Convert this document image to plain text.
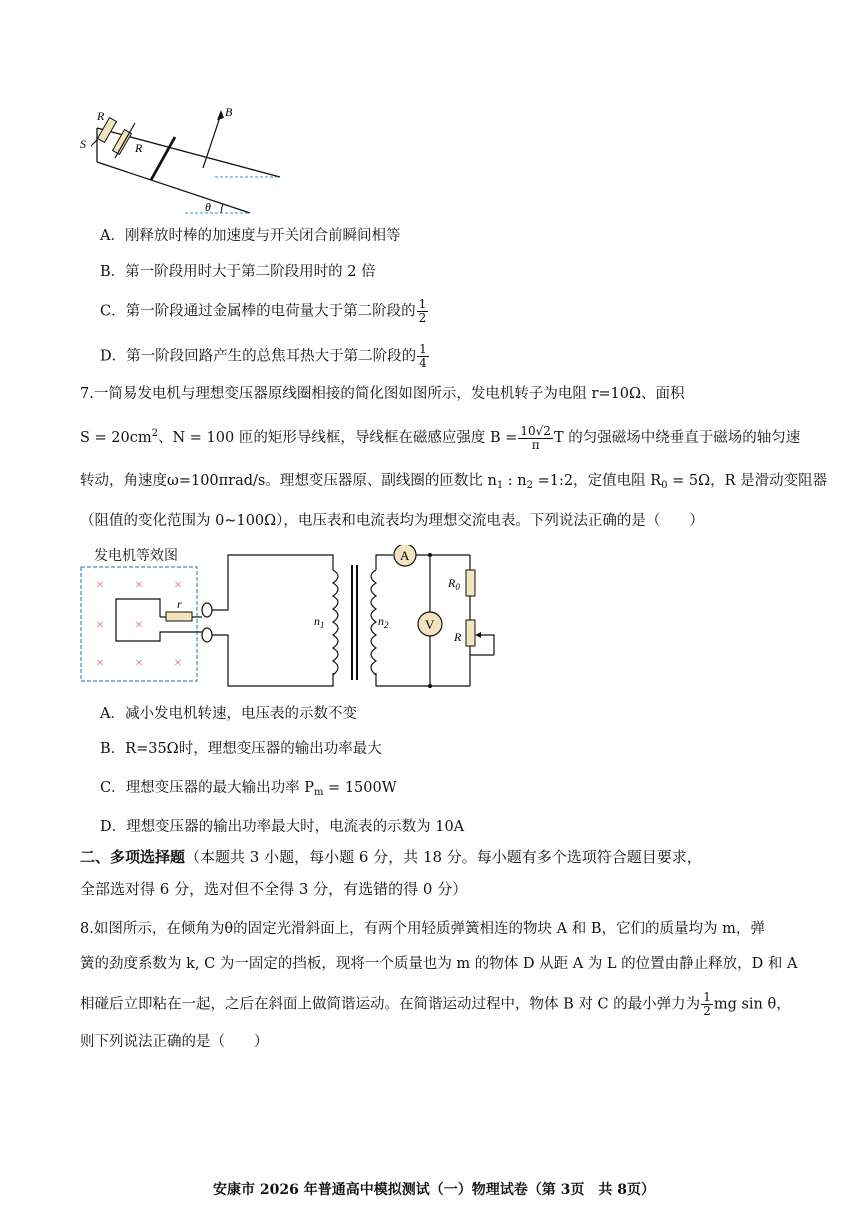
R
R
S
B
θ
A．刚释放时棒的加速度与开关闭合前瞬间相等
B．第一阶段用时大于第二阶段用时的 2 倍
C．第一阶段通过金属棒的电荷量大于第二阶段的 $\frac{1}{2}$
D．第一阶段回路产生的总焦耳热大于第二阶段的 $\frac{1}{4}$
7.一简易发电机与理想变压器原线圈相接的简化图如图所示，发电机转子为电阻 r=10Ω、面积
$S = 20cm^2$、N = 100 匝的矩形导线框，导线框在磁感应强度 $B = \frac{10√2}{\pi}$ T 的匀强磁场中绕垂直于磁场的轴匀速
转动，角速度ω=100πrad/s。理想变压器原、副线圈的匝数比 $n_1$ : $n_2$ =1:2，定值电阻 $R_0 = 5\Omega$，R 是滑动变阻器
（阻值的变化范围为 0~100Ω），电压表和电流表均为理想交流电表。下列说法正确的是（　　）
发电机等效图
× × ×
× ×
× × ×
r
A
V
$R_0$
R
$n_1$	$n_2$
A．减小发电机转速，电压表的示数不变
B．R=35Ω时，理想变压器的输出功率最大
C．理想变压器的最大输出功率 $P_m = 1500W$
D．理想变压器的输出功率最大时，电流表的示数为 10A
二、多项选择题（本题共 3 小题，每小题 6 分，共 18 分。每小题有多个选项符合题目要求，
全部选对得 6 分，选对但不全得 3 分，有选错的得 0 分）
8.如图所示，在倾角为θ的固定光滑斜面上，有两个用轻质弹簧相连的物块 A 和 B，它们的质量均为 m，弹
簧的劲度系数为 k, C 为一固定的挡板，现将一个质量也为 m 的物体 D 从距 A 为 L 的位置由静止释放，D 和 A
相碰后立即粘在一起，之后在斜面上做简谐运动。在简谐运动过程中，物体 B 对 C 的最小弹力为 $\frac{1}{2}$ mg sin θ，
则下列说法正确的是（　　）
安康市 2026 年普通高中模拟测试（一）物理试卷（第 3页　共 8页）
